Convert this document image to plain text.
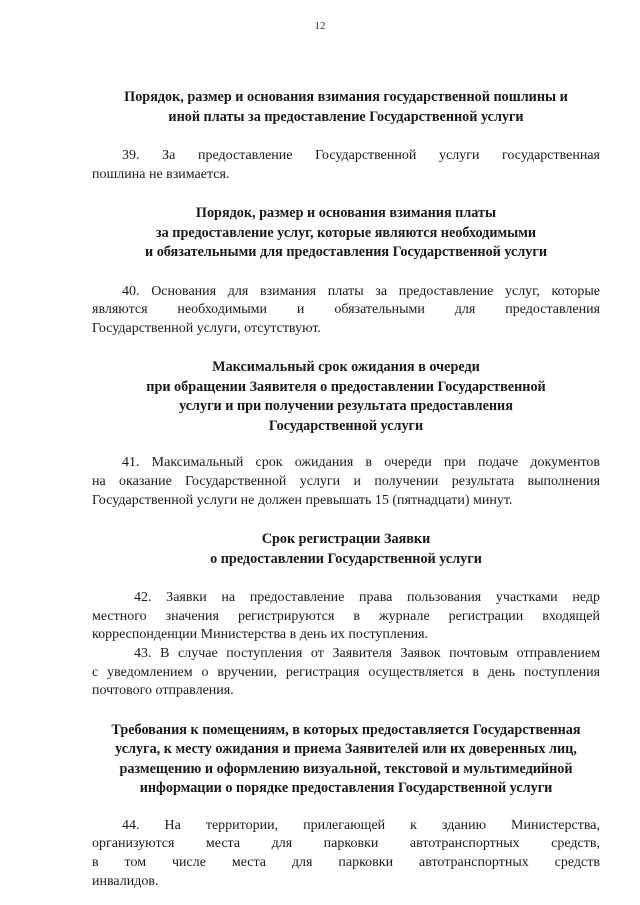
12
Порядок, размер и основания взимания государственной пошлины и
иной платы за предоставление Государственной услуги
39. За предоставление Государственной услуги государственная
пошлина не взимается.
Порядок, размер и основания взимания платы
за предоставление услуг, которые являются необходимыми
и обязательными для предоставления Государственной услуги
40. Основания для взимания платы за предоставление услуг, которые
являются необходимыми и обязательными для предоставления
Государственной услуги, отсутствуют.
Максимальный срок ожидания в очереди
при обращении Заявителя о предоставлении Государственной
услуги и при получении результата предоставления
Государственной услуги
41. Максимальный срок ожидания в очереди при подаче документов
на оказание Государственной услуги и получении результата выполнения
Государственной услуги не должен превышать 15 (пятнадцати) минут.
Срок регистрации Заявки
о предоставлении Государственной услуги
42. Заявки на предоставление права пользования участками недр
местного значения регистрируются в журнале регистрации входящей
корреспонденции Министерства в день их поступления.
43. В случае поступления от Заявителя Заявок почтовым отправлением
с уведомлением о вручении, регистрация осуществляется в день поступления
почтового отправления.
Требования к помещениям, в которых предоставляется Государственная
услуга, к месту ожидания и приема Заявителей или их доверенных лиц,
размещению и оформлению визуальной, текстовой и мультимедийной
информации о порядке предоставления Государственной услуги
44. На территории, прилегающей к зданию Министерства,
организуются места для парковки автотранспортных средств,
в том числе места для парковки автотранспортных средств
инвалидов.
